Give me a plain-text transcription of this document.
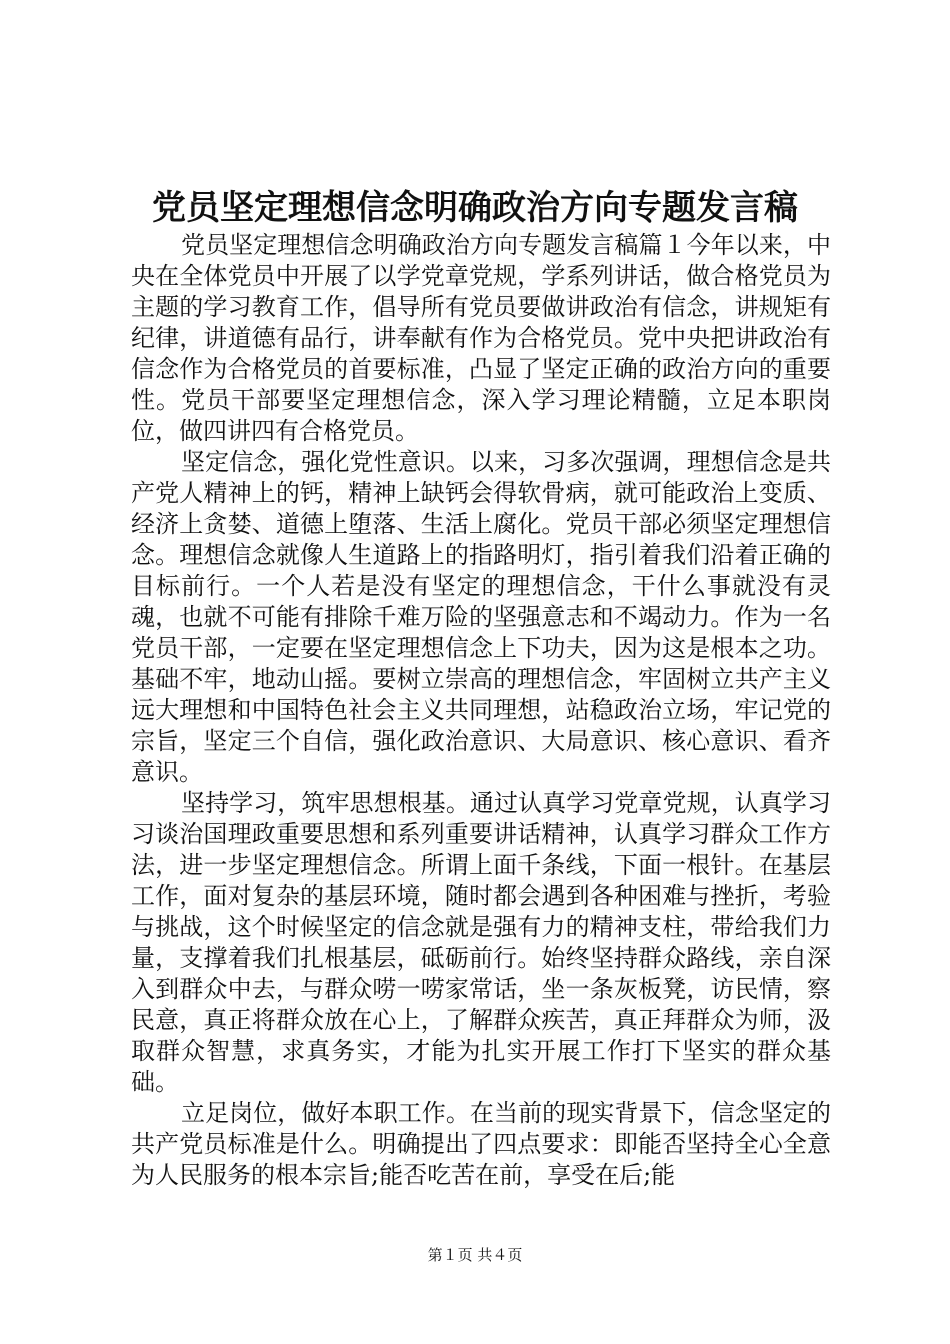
党员坚定理想信念明确政治方向专题发言稿

党员坚定理想信念明确政治方向专题发言稿篇１今年以来，中央在全体党员中开展了以学党章党规，学系列讲话，做合格党员为主题的学习教育工作，倡导所有党员要做讲政治有信念，讲规矩有纪律，讲道德有品行，讲奉献有作为合格党员。党中央把讲政治有信念作为合格党员的首要标准，凸显了坚定正确的政治方向的重要性。党员干部要坚定理想信念，深入学习理论精髓，立足本职岗位，做四讲四有合格党员。

坚定信念，强化党性意识。以来，习多次强调，理想信念是共产党人精神上的钙，精神上缺钙会得软骨病，就可能政治上变质、经济上贪婪、道德上堕落、生活上腐化。党员干部必须坚定理想信念。理想信念就像人生道路上的指路明灯，指引着我们沿着正确的目标前行。一个人若是没有坚定的理想信念，干什么事就没有灵魂，也就不可能有排除千难万险的坚强意志和不竭动力。作为一名党员干部，一定要在坚定理想信念上下功夫，因为这是根本之功。基础不牢，地动山摇。要树立崇高的理想信念，牢固树立共产主义远大理想和中国特色社会主义共同理想，站稳政治立场，牢记党的宗旨，坚定三个自信，强化政治意识、大局意识、核心意识、看齐意识。

坚持学习，筑牢思想根基。通过认真学习党章党规，认真学习习谈治国理政重要思想和系列重要讲话精神，认真学习群众工作方法，进一步坚定理想信念。所谓上面千条线，下面一根针。在基层工作，面对复杂的基层环境，随时都会遇到各种困难与挫折，考验与挑战，这个时候坚定的信念就是强有力的精神支柱，带给我们力量，支撑着我们扎根基层，砥砺前行。始终坚持群众路线，亲自深入到群众中去，与群众唠一唠家常话，坐一条灰板凳，访民情，察民意，真正将群众放在心上，了解群众疾苦，真正拜群众为师，汲取群众智慧，求真务实，才能为扎实开展工作打下坚实的群众基础。

立足岗位，做好本职工作。在当前的现实背景下，信念坚定的共产党员标准是什么。明确提出了四点要求：即能否坚持全心全意为人民服务的根本宗旨;能否吃苦在前，享受在后;能

第１页 共４页
